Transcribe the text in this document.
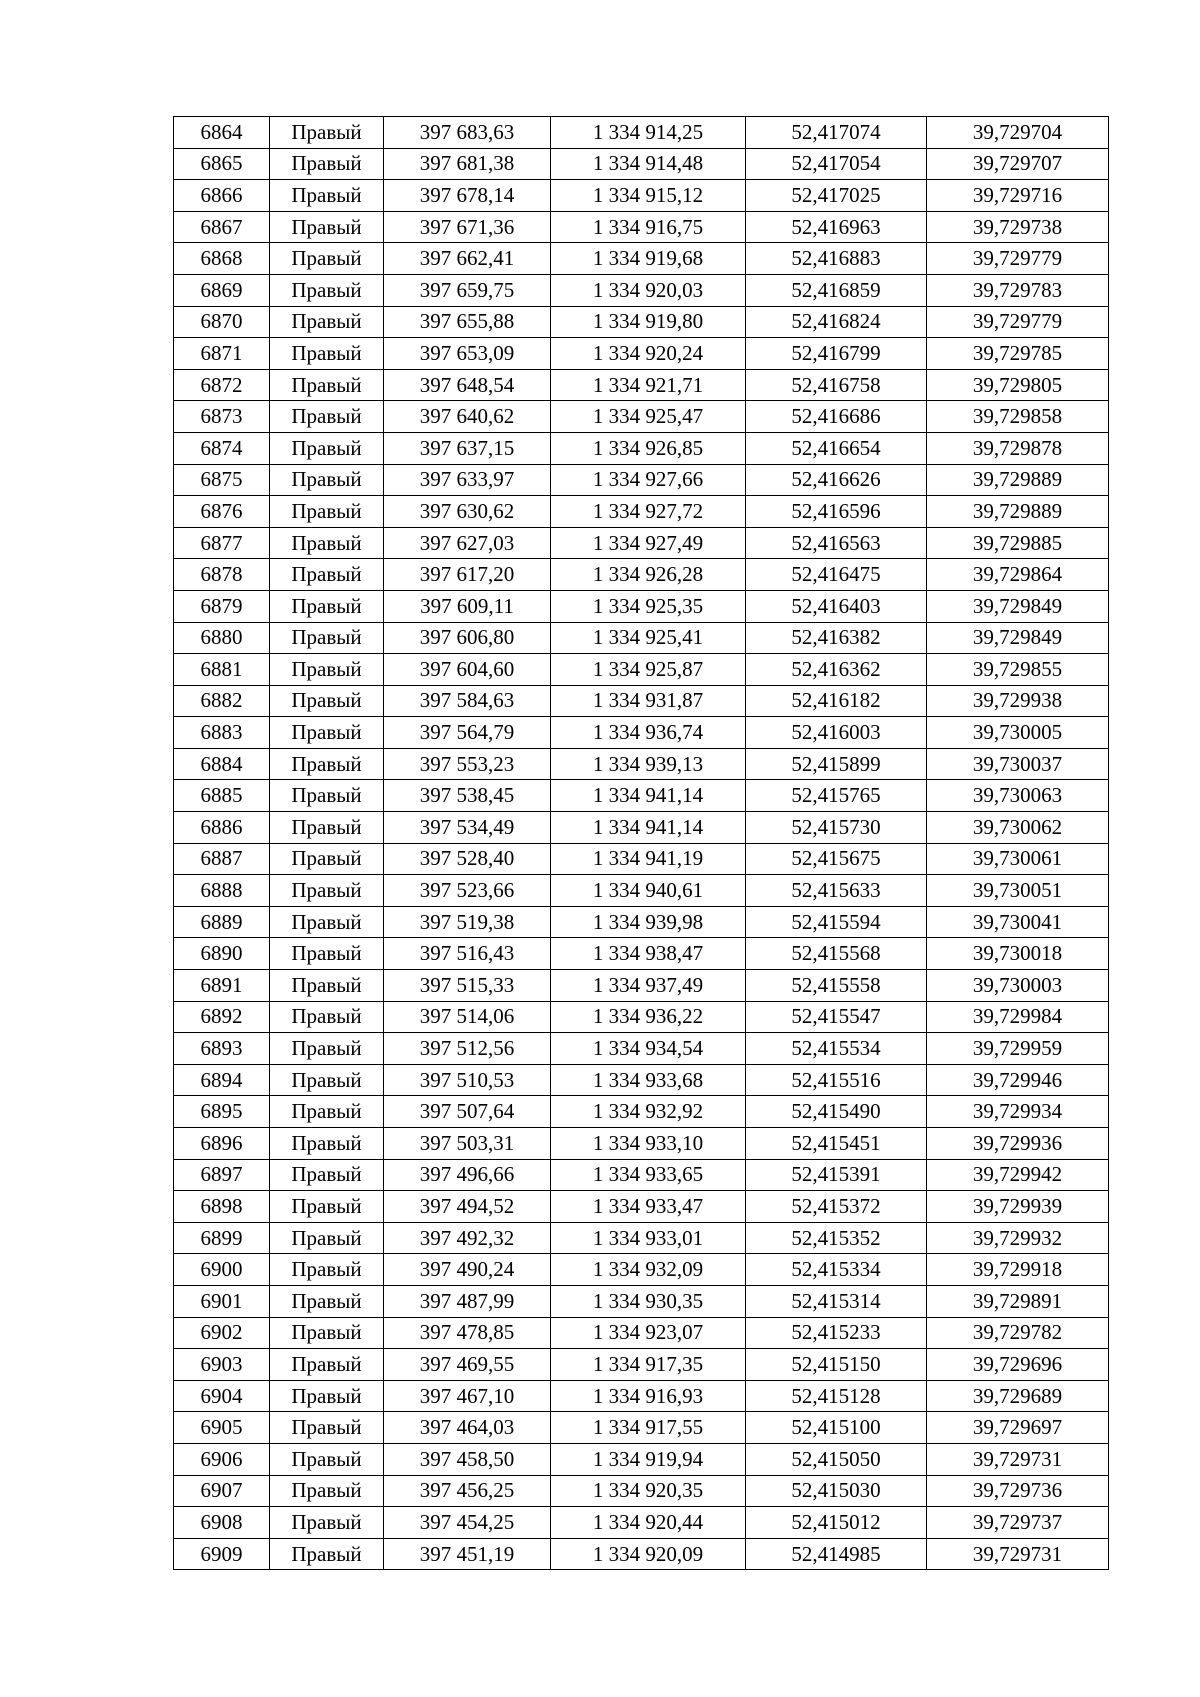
6864	Правый	397 683,63	1 334 914,25	52,417074	39,729704
6865	Правый	397 681,38	1 334 914,48	52,417054	39,729707
6866	Правый	397 678,14	1 334 915,12	52,417025	39,729716
6867	Правый	397 671,36	1 334 916,75	52,416963	39,729738
6868	Правый	397 662,41	1 334 919,68	52,416883	39,729779
6869	Правый	397 659,75	1 334 920,03	52,416859	39,729783
6870	Правый	397 655,88	1 334 919,80	52,416824	39,729779
6871	Правый	397 653,09	1 334 920,24	52,416799	39,729785
6872	Правый	397 648,54	1 334 921,71	52,416758	39,729805
6873	Правый	397 640,62	1 334 925,47	52,416686	39,729858
6874	Правый	397 637,15	1 334 926,85	52,416654	39,729878
6875	Правый	397 633,97	1 334 927,66	52,416626	39,729889
6876	Правый	397 630,62	1 334 927,72	52,416596	39,729889
6877	Правый	397 627,03	1 334 927,49	52,416563	39,729885
6878	Правый	397 617,20	1 334 926,28	52,416475	39,729864
6879	Правый	397 609,11	1 334 925,35	52,416403	39,729849
6880	Правый	397 606,80	1 334 925,41	52,416382	39,729849
6881	Правый	397 604,60	1 334 925,87	52,416362	39,729855
6882	Правый	397 584,63	1 334 931,87	52,416182	39,729938
6883	Правый	397 564,79	1 334 936,74	52,416003	39,730005
6884	Правый	397 553,23	1 334 939,13	52,415899	39,730037
6885	Правый	397 538,45	1 334 941,14	52,415765	39,730063
6886	Правый	397 534,49	1 334 941,14	52,415730	39,730062
6887	Правый	397 528,40	1 334 941,19	52,415675	39,730061
6888	Правый	397 523,66	1 334 940,61	52,415633	39,730051
6889	Правый	397 519,38	1 334 939,98	52,415594	39,730041
6890	Правый	397 516,43	1 334 938,47	52,415568	39,730018
6891	Правый	397 515,33	1 334 937,49	52,415558	39,730003
6892	Правый	397 514,06	1 334 936,22	52,415547	39,729984
6893	Правый	397 512,56	1 334 934,54	52,415534	39,729959
6894	Правый	397 510,53	1 334 933,68	52,415516	39,729946
6895	Правый	397 507,64	1 334 932,92	52,415490	39,729934
6896	Правый	397 503,31	1 334 933,10	52,415451	39,729936
6897	Правый	397 496,66	1 334 933,65	52,415391	39,729942
6898	Правый	397 494,52	1 334 933,47	52,415372	39,729939
6899	Правый	397 492,32	1 334 933,01	52,415352	39,729932
6900	Правый	397 490,24	1 334 932,09	52,415334	39,729918
6901	Правый	397 487,99	1 334 930,35	52,415314	39,729891
6902	Правый	397 478,85	1 334 923,07	52,415233	39,729782
6903	Правый	397 469,55	1 334 917,35	52,415150	39,729696
6904	Правый	397 467,10	1 334 916,93	52,415128	39,729689
6905	Правый	397 464,03	1 334 917,55	52,415100	39,729697
6906	Правый	397 458,50	1 334 919,94	52,415050	39,729731
6907	Правый	397 456,25	1 334 920,35	52,415030	39,729736
6908	Правый	397 454,25	1 334 920,44	52,415012	39,729737
6909	Правый	397 451,19	1 334 920,09	52,414985	39,729731
